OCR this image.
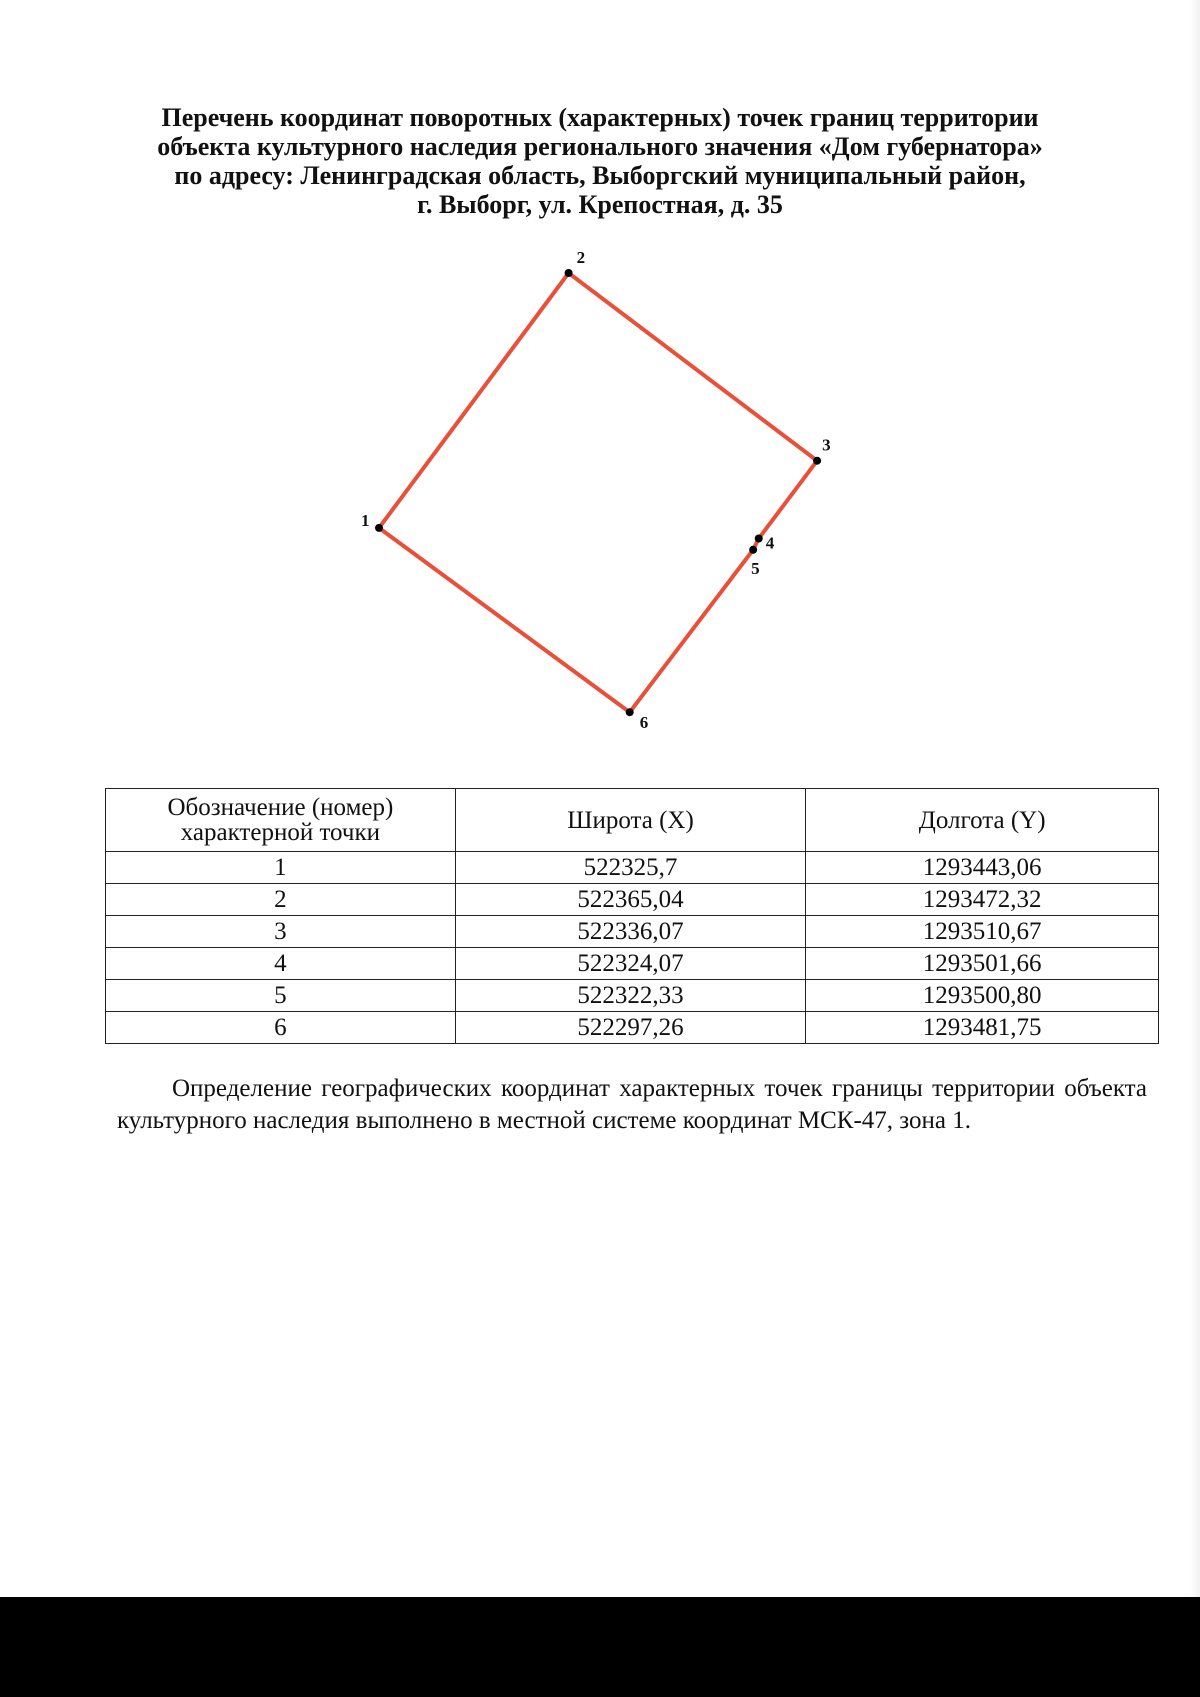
Перечень координат поворотных (характерных) точек границ территории
объекта культурного наследия регионального значения «Дом губернатора»
по адресу: Ленинградская область, Выборгский муниципальный район,
г. Выборг, ул. Крепостная, д. 35
1
2
3
4
5
6
Обозначение (номер) характерной точки	Широта (X)	Долгота (Y)
1	522325,7	1293443,06
2	522365,04	1293472,32
3	522336,07	1293510,67
4	522324,07	1293501,66
5	522322,33	1293500,80
6	522297,26	1293481,75

Определение географических координат характерных точек границы территории объекта культурного наследия выполнено в местной системе координат МСК-47, зона 1.
